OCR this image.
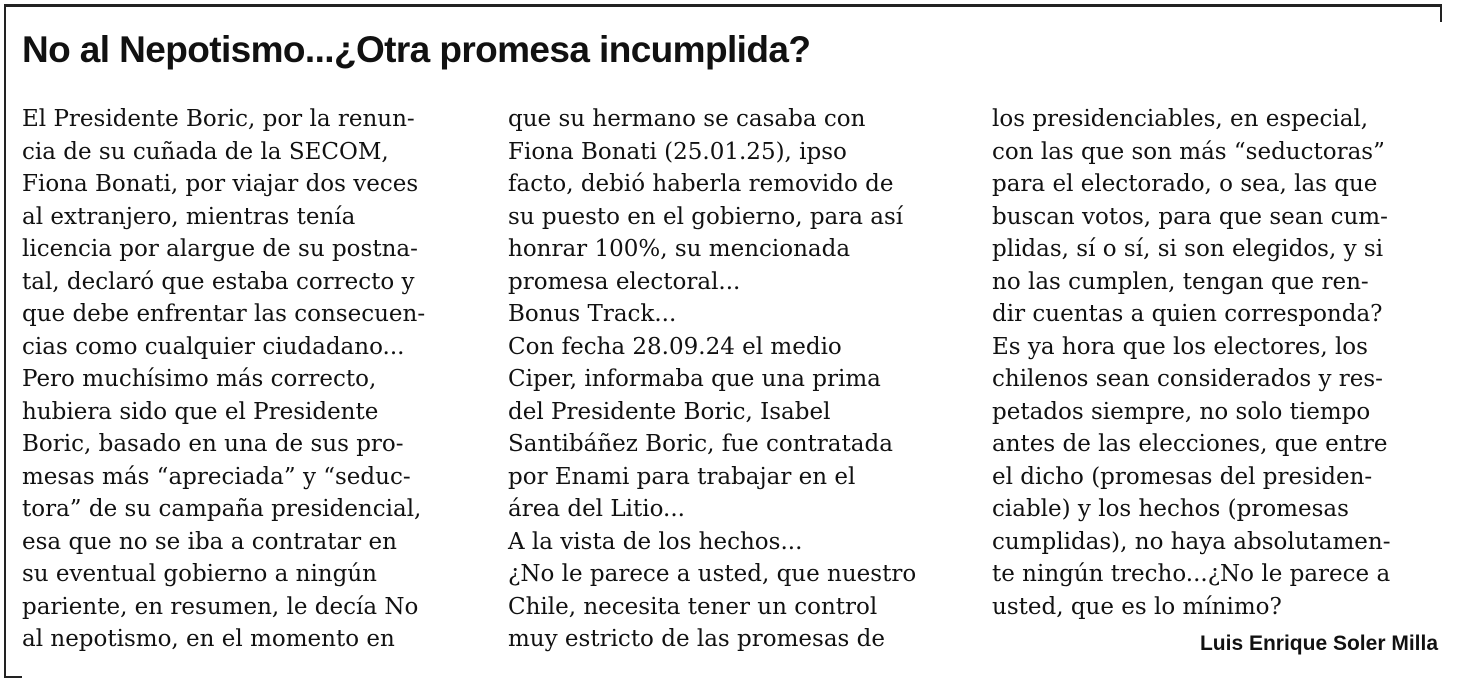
No al Nepotismo...¿Otra promesa incumplida?
El Presidente Boric, por la renun-
cia de su cuñada de la SECOM,
Fiona Bonati, por viajar dos veces
al extranjero, mientras tenía
licencia por alargue de su postna-
tal, declaró que estaba correcto y
que debe enfrentar las consecuen-
cias como cualquier ciudadano...
Pero muchísimo más correcto,
hubiera sido que el Presidente
Boric, basado en una de sus pro-
mesas más “apreciada” y “seduc-
tora” de su campaña presidencial,
esa que no se iba a contratar en
su eventual gobierno a ningún
pariente, en resumen, le decía No
al nepotismo, en el momento en
que su hermano se casaba con
Fiona Bonati (25.01.25), ipso
facto, debió haberla removido de
su puesto en el gobierno, para así
honrar 100%, su mencionada
promesa electoral...
Bonus Track...
Con fecha 28.09.24 el medio
Ciper, informaba que una prima
del Presidente Boric, Isabel
Santibáñez Boric, fue contratada
por Enami para trabajar en el
área del Litio...
A la vista de los hechos...
¿No le parece a usted, que nuestro
Chile, necesita tener un control
muy estricto de las promesas de
los presidenciables, en especial,
con las que son más “seductoras”
para el electorado, o sea, las que
buscan votos, para que sean cum-
plidas, sí o sí, si son elegidos, y si
no las cumplen, tengan que ren-
dir cuentas a quien corresponda?
Es ya hora que los electores, los
chilenos sean considerados y res-
petados siempre, no solo tiempo
antes de las elecciones, que entre
el dicho (promesas del presiden-
ciable) y los hechos (promesas
cumplidas), no haya absolutamen-
te ningún trecho...¿No le parece a
usted, que es lo mínimo?
Luis Enrique Soler Milla
